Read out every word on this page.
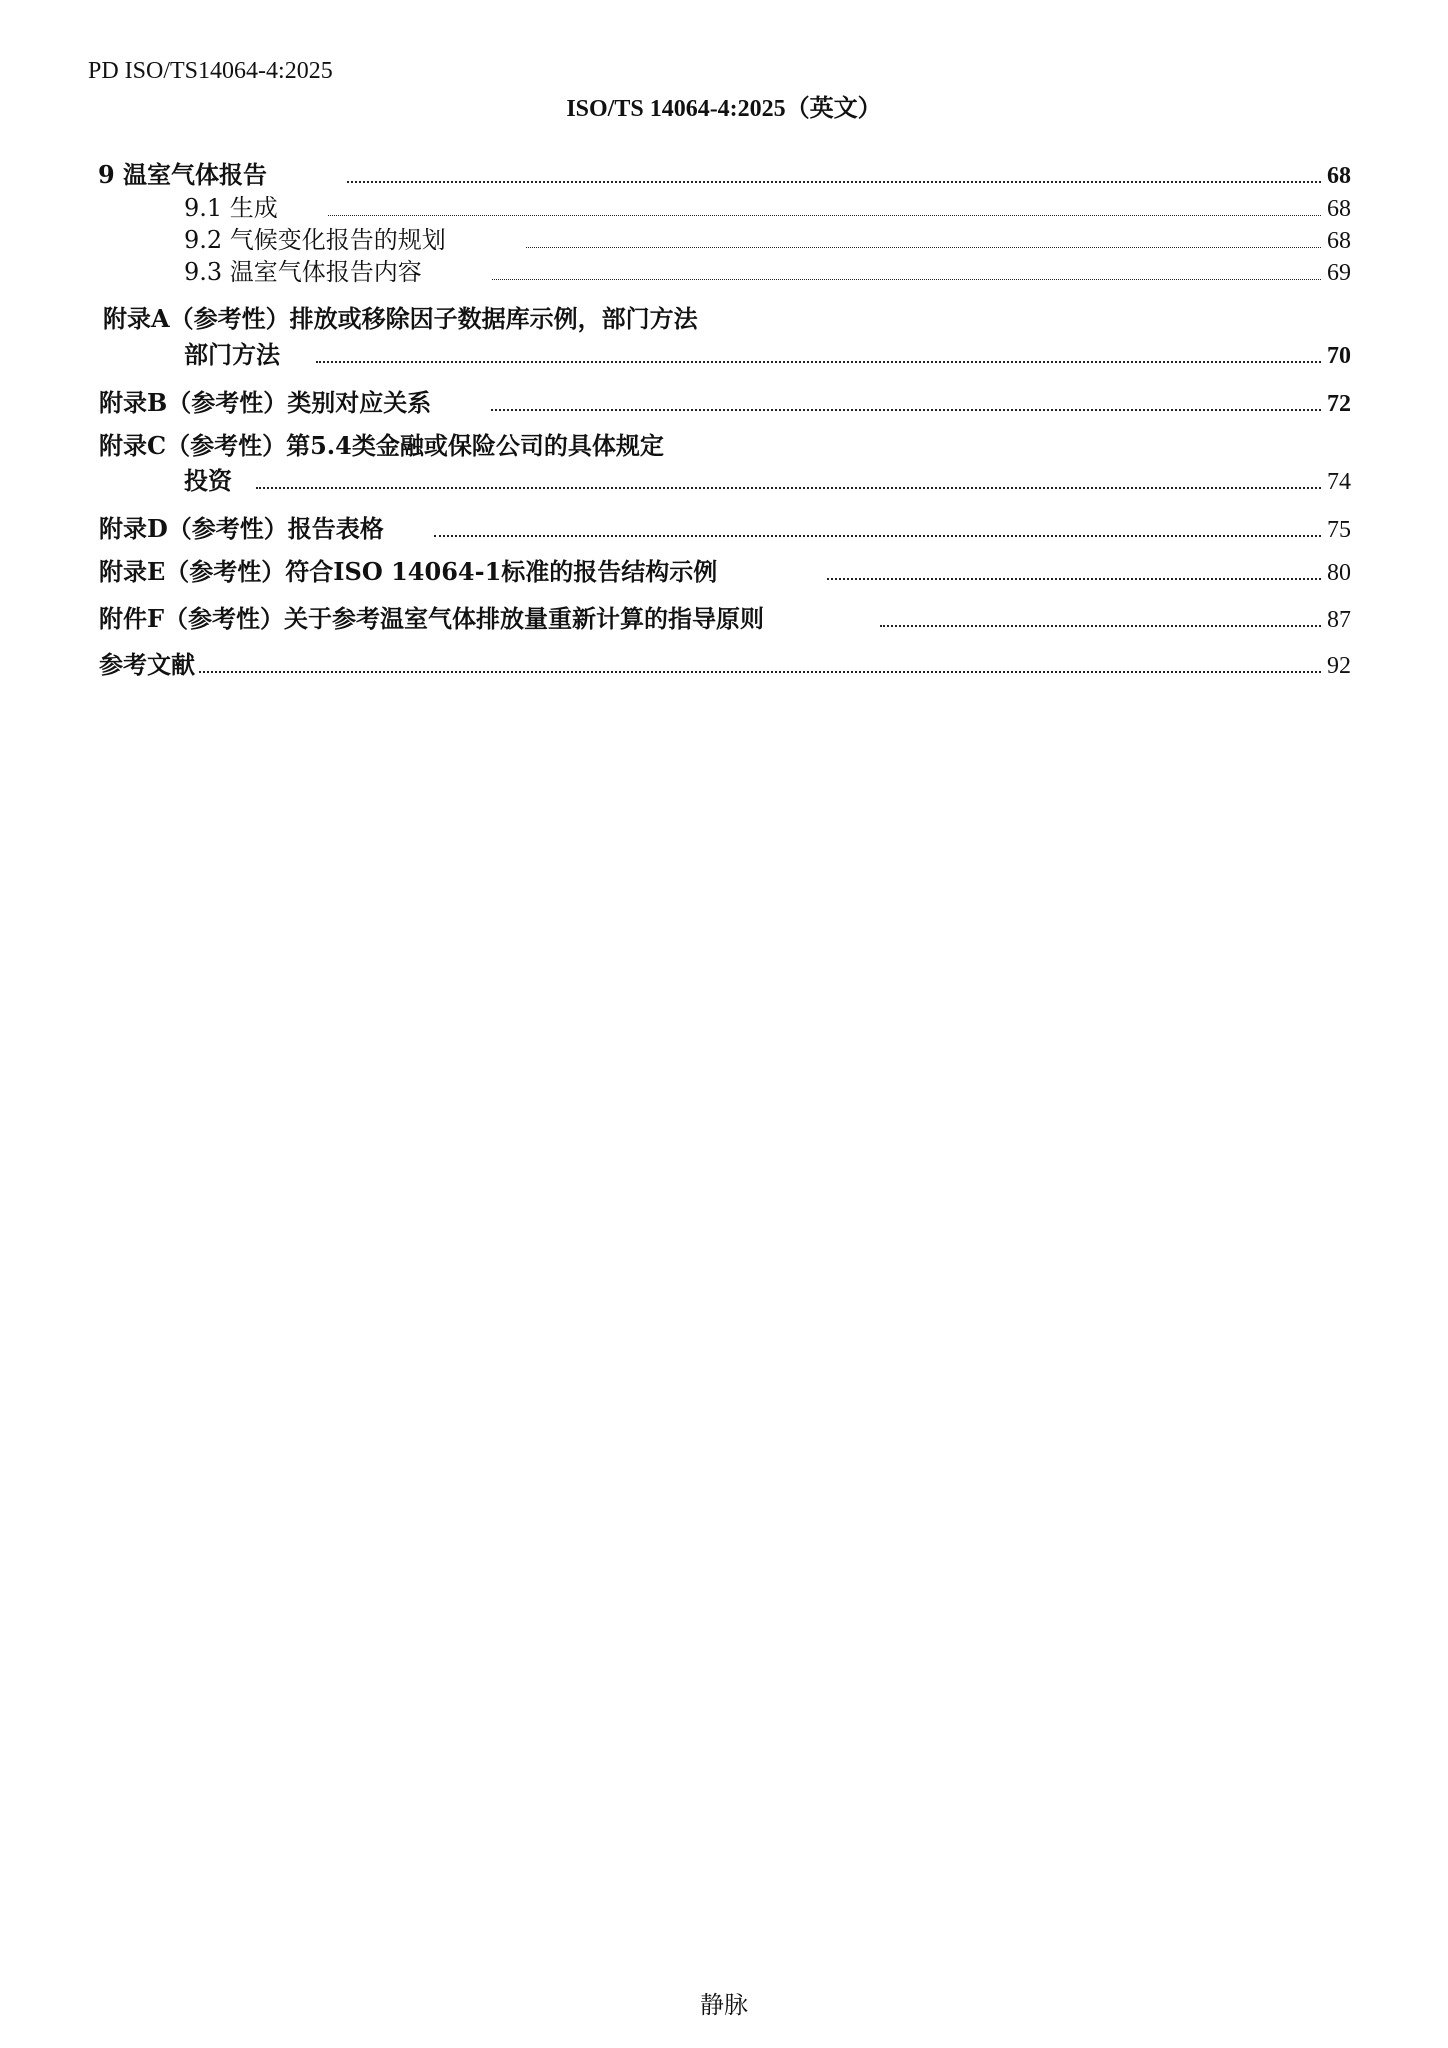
PD ISO/TS14064-4:2025
ISO/TS 14064-4:2025（英文）
9 温室气体报告	68
9.1 生成	68
9.2 气候变化报告的规划	68
9.3 温室气体报告内容	69
附录A（参考性）排放或移除因子数据库示例，部门方法
部门方法	70
附录B（参考性）类别对应关系	72
附录C（参考性）第5.4类金融或保险公司的具体规定
投资	74
附录D（参考性）报告表格	75
附录E（参考性）符合ISO 14064-1标准的报告结构示例	80
附件F（参考性）关于参考温室气体排放量重新计算的指导原则	87
参考文献	92
静脉
